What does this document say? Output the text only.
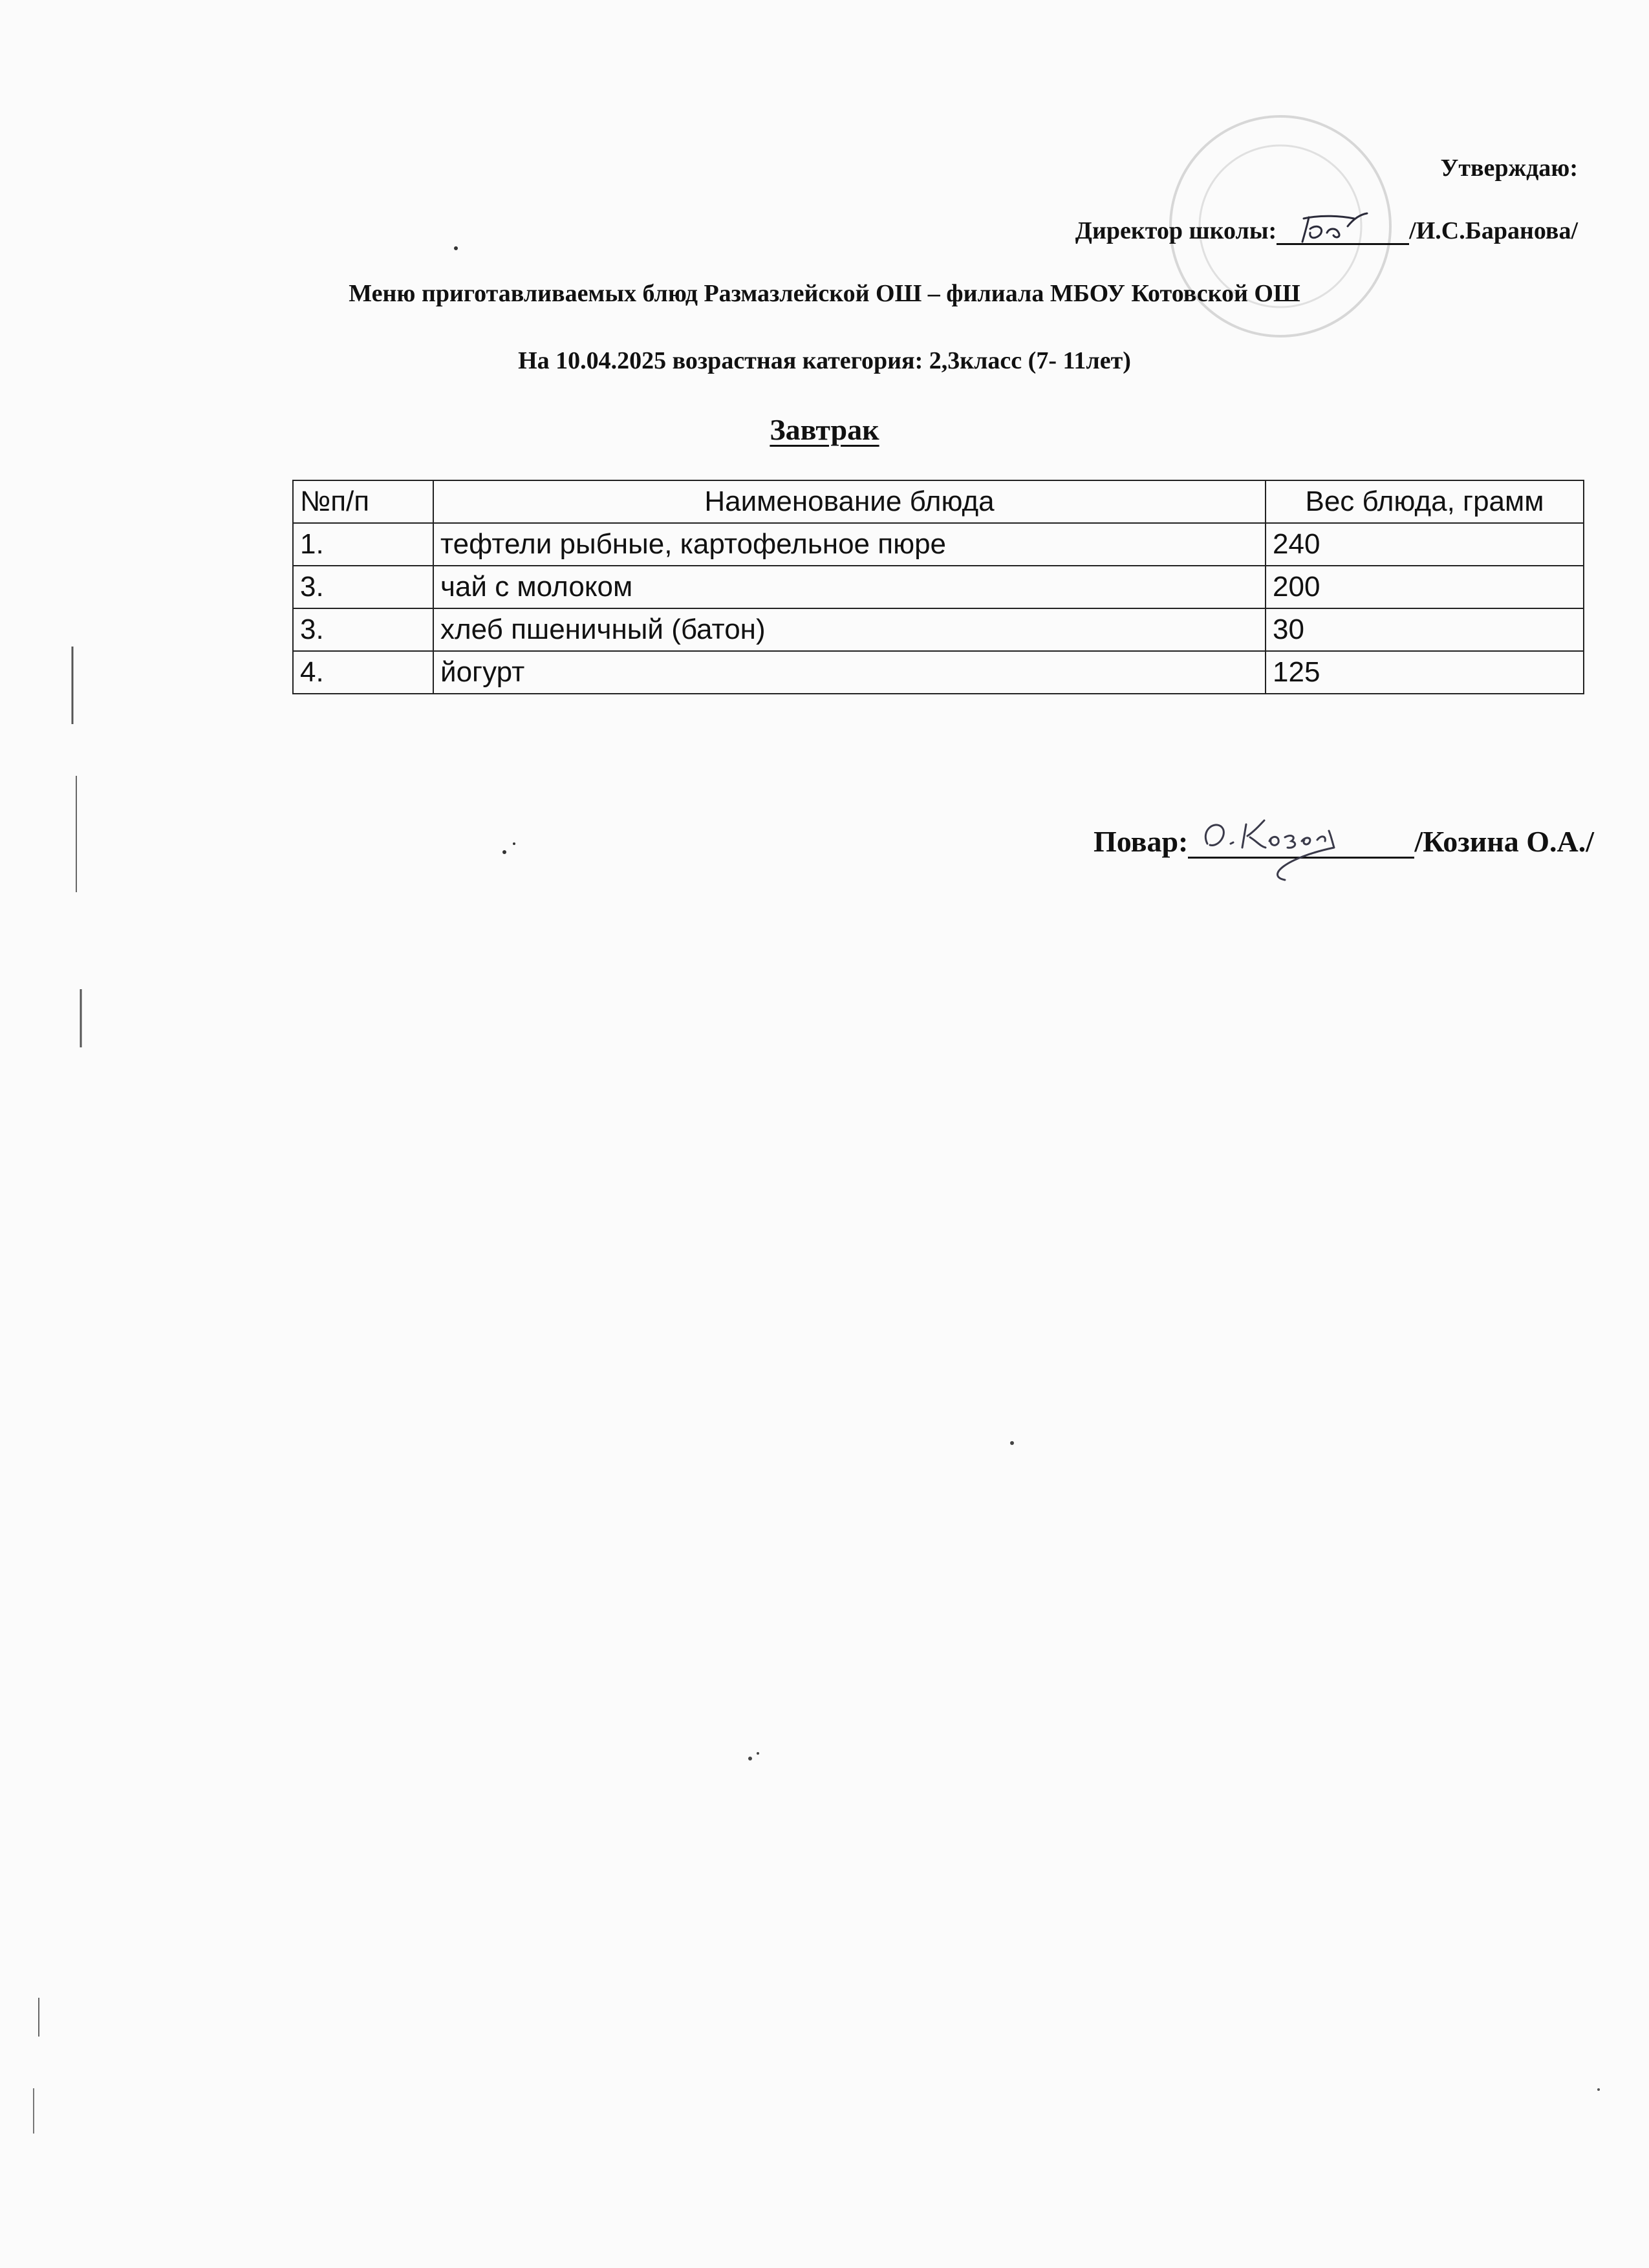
Утверждаю:
Директор школы:	/И.С.Баранова/
Меню приготавливаемых блюд Размазлейской ОШ – филиала МБОУ Котовской ОШ
На 10.04.2025 возрастная категория: 2,3класс (7- 11лет)
Завтрак
№п/п	Наименование блюда	Вес блюда, грамм
1.	тефтели рыбные, картофельное пюре	240
3.	чай с молоком	200
3.	хлеб пшеничный (батон)	30
4.	йогурт	125
Повар:	/Козина О.А./
